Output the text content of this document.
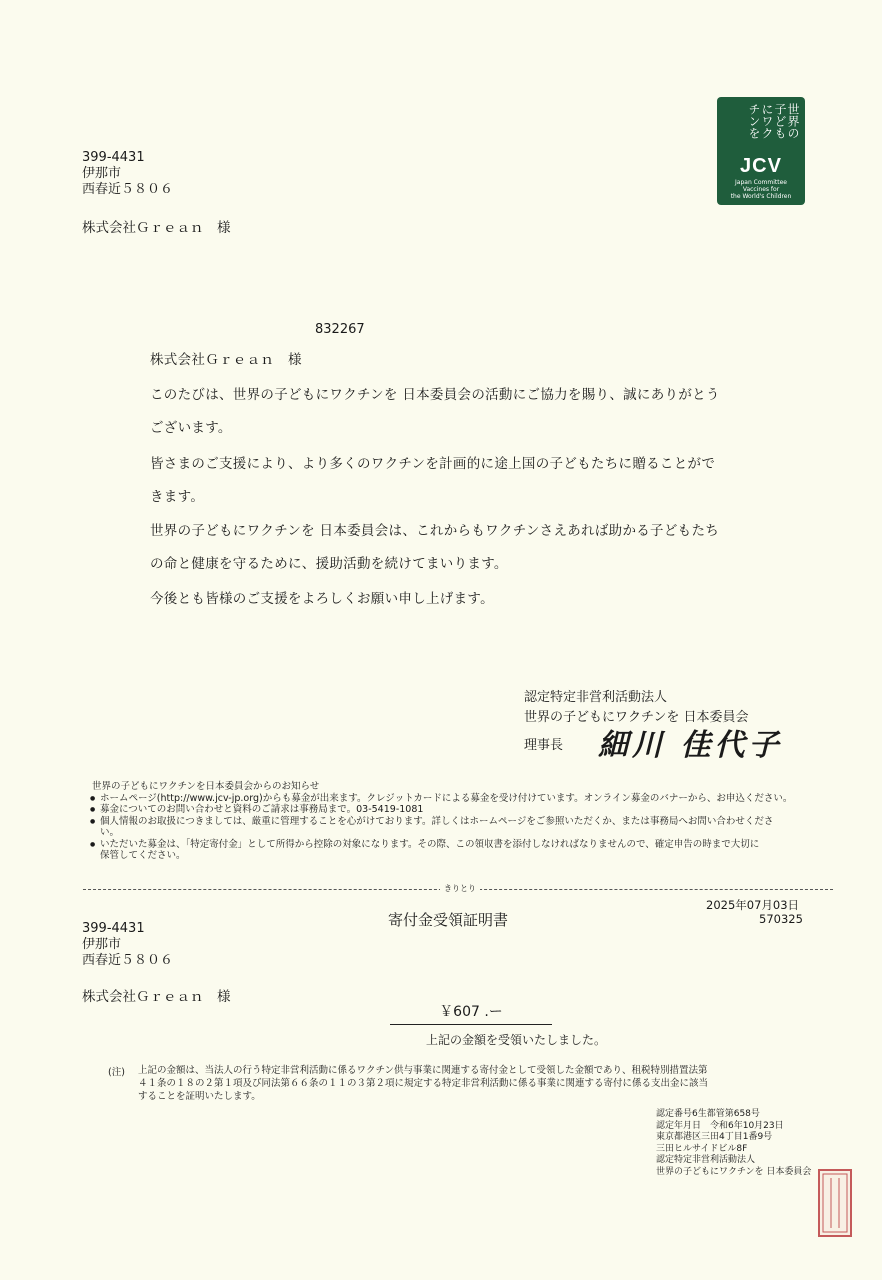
世界の子どもにワクチンを
JCV
Japan Committee
Vaccines for
the World's Children
399-4431
伊那市
西春近５８０６
株式会社Ｇｒｅａｎ　様
832267
株式会社Ｇｒｅａｎ　様
このたびは、世界の子どもにワクチンを 日本委員会の活動にご協力を賜り、誠にありがとう
ございます。
皆さまのご支援により、より多くのワクチンを計画的に途上国の子どもたちに贈ることがで
きます。
世界の子どもにワクチンを 日本委員会は、これからもワクチンさえあれば助かる子どもたち
の命と健康を守るために、援助活動を続けてまいります。
今後とも皆様のご支援をよろしくお願い申し上げます。
認定特定非営利活動法人
世界の子どもにワクチンを 日本委員会
理事長 細川 佳代子
世界の子どもにワクチンを日本委員会からのお知らせ
● ホームページ(http://www.jcv-jp.org)からも募金が出来ます。クレジットカードによる募金を受け付けています。オンライン募金のバナーから、お申込ください。
● 募金についてのお問い合わせと資料のご請求は事務局まで。03-5419-1081
● 個人情報のお取扱につきましては、厳重に管理することを心がけております。詳しくはホームページをご参照いただくか、または事務局へお問い合わせくださ
い。
● いただいた募金は、「特定寄付金」として所得から控除の対象になります。その際、この領収書を添付しなければなりませんので、確定申告の時まで大切に
保管してください。
きりとり
2025年07月03日
570325
寄付金受領証明書
399-4431
伊那市
西春近５８０６
株式会社Ｇｒｅａｎ　様
￥607 .ー
上記の金額を受領いたしました。
(注) 上記の金額は、当法人の行う特定非営利活動に係るワクチン供与事業に関連する寄付金として受領した金額であり、租税特別措置法第
４１条の１８の２第１項及び同法第６６条の１１の３第２項に規定する特定非営利活動に係る事業に関連する寄付に係る支出金に該当
することを証明いたします。
認定番号6生都管第658号
認定年月日　令和6年10月23日
東京都港区三田4丁目1番9号
三田ヒルサイドビル8F
認定特定非営利活動法人
世界の子どもにワクチンを 日本委員会
